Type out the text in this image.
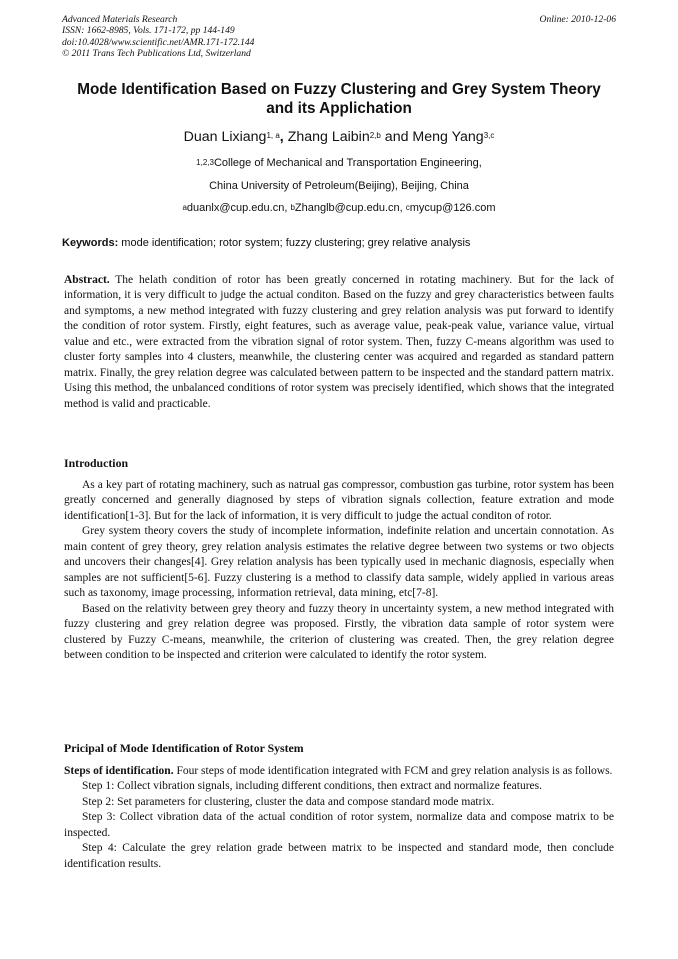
Advanced Materials Research
ISSN: 1662-8985, Vols. 171-172, pp 144-149
doi:10.4028/www.scientific.net/AMR.171-172.144
© 2011 Trans Tech Publications Ltd, Switzerland
Online: 2010-12-06
Mode Identification Based on Fuzzy Clustering and Grey System Theory
and its Applichation
Duan Lixiang$^{1, a}$, Zhang Laibin$^{2,b}$ and Meng Yang$^{3,c}$
$^{1,2,3}$College of Mechanical and Transportation Engineering,
China University of Petroleum(Beijing), Beijing, China
$^a$duanlx@cup.edu.cn, $^b$Zhanglb@cup.edu.cn, $^c$mycup@126.com
Keywords: mode identification; rotor system; fuzzy clustering; grey relative analysis

Abstract. The helath condition of rotor has been greatly concerned in rotating machinery. But for the lack of information, it is very difficult to judge the actual conditon. Based on the fuzzy and grey characteristics between faults and symptoms, a new method integrated with fuzzy clustering and grey relation analysis was put forward to identify the condition of rotor system. Firstly, eight features, such as average value, peak-peak value, variance value, virtual value and etc., were extracted from the vibration signal of rotor system. Then, fuzzy C-means algorithm was used to cluster forty samples into 4 clusters, meanwhile, the clustering center was acquired and regarded as standard pattern matrix. Finally, the grey relation degree was calculated between pattern to be inspected and the standard pattern matrix. Using this method, the unbalanced conditions of rotor system was precisely identified, which shows that the integrated method is valid and practicable.

Introduction

As a key part of rotating machinery, such as natrual gas compressor, combustion gas turbine, rotor system has been greatly concerned and generally diagnosed by steps of vibration signals collection, feature extration and mode identification[1-3]. But for the lack of information, it is very difficult to judge the actual conditon of rotor.

Grey system theory covers the study of incomplete information, indefinite relation and uncertain connotation. As main content of grey theory, grey relation analysis estimates the relative degree between two systems or two objects and uncovers their changes[4]. Grey relation analysis has been typically used in mechanic diagnosis, especially when samples are not sufficient[5-6]. Fuzzy clustering is a method to classify data sample, widely applied in various areas such as taxonomy, image processing, information retrieval, data mining, etc[7-8].

Based on the relativity between grey theory and fuzzy theory in uncertainty system, a new method integrated with fuzzy clustering and grey relation degree was proposed. Firstly, the vibration data sample of rotor system were clustered by Fuzzy C-means, meanwhile, the criterion of clustering was created. Then, the grey relation degree between condition to be inspected and criterion were calculated to identify the rotor system.

Pricipal of Mode Identification of Rotor System

Steps of identification. Four steps of mode identification integrated with FCM and grey relation analysis is as follows.

Step 1: Collect vibration signals, including different conditions, then extract and normalize features.

Step 2: Set parameters for clustering, cluster the data and compose standard mode matrix.

Step 3: Collect vibration data of the actual condition of rotor system, normalize data and compose matrix to be inspected.

Step 4: Calculate the grey relation grade between matrix to be inspected and standard mode, then conclude identification results.
